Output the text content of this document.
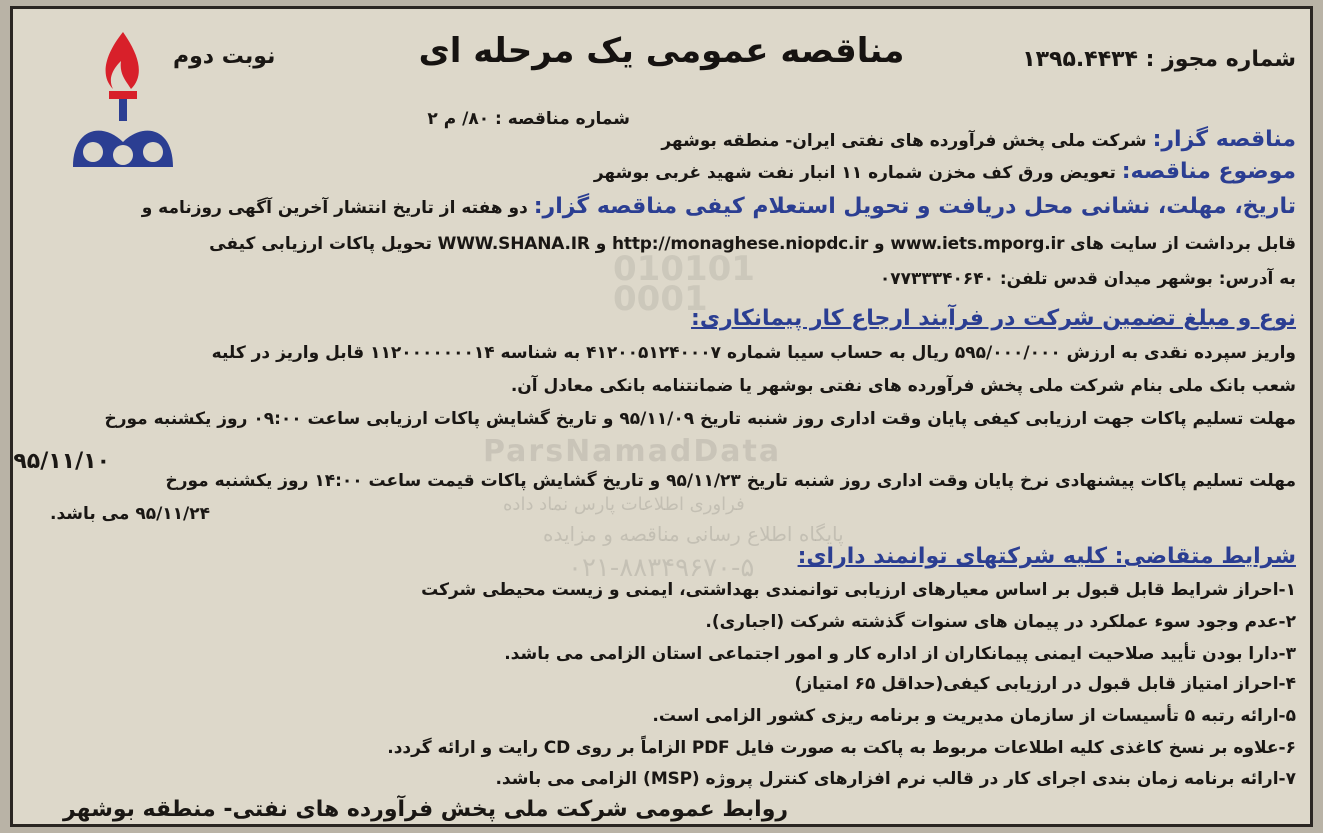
شماره مجوز : ۱۳۹۵.۴۴۳۴
مناقصه عمومی یک مرحله ای
نوبت دوم
شماره مناقصه : ۸۰/ م ۲
مناقصه گزار: شرکت ملی پخش فرآورده های نفتی ایران- منطقه بوشهر
موضوع مناقصه: تعویض ورق کف مخزن شماره ۱۱ انبار نفت شهید غربی بوشهر
تاریخ، مهلت، نشانی محل دریافت و تحویل استعلام کیفی مناقصه گزار: دو هفته از تاریخ انتشار آخرین آگهی روزنامه و
قابل برداشت از سایت های www.iets.mporg.ir و http://monaghese.niopdc.ir و WWW.SHANA.IR تحویل پاکات ارزیابی کیفی
به آدرس: بوشهر میدان قدس تلفن: ۰۷۷۳۳۳۴۰۶۴۰
نوع و مبلغ تضمین شرکت در فرآیند ارجاع کار پیمانکاری:
واریز سپرده نقدی به ارزش ۵۹۵/۰۰۰/۰۰۰ ریال به حساب سیبا شماره ۴۱۲۰۰۵۱۲۴۰۰۰۷ به شناسه ۱۱۲۰۰۰۰۰۰۰۱۴ قابل واریز در کلیه
شعب بانک ملی بنام شرکت ملی پخش فرآورده های نفتی بوشهر یا ضمانتنامه بانکی معادل آن.
مهلت تسلیم پاکات جهت ارزیابی کیفی پایان وقت اداری روز شنبه تاریخ ۹۵/۱۱/۰۹ و تاریخ گشایش پاکات ارزیابی ساعت ۰۹:۰۰ روز یکشنبه مورخ
۹۵/۱۱/۱۰
مهلت تسلیم پاکات پیشنهادی نرخ پایان وقت اداری روز شنبه تاریخ ۹۵/۱۱/۲۳ و تاریخ گشایش پاکات قیمت ساعت ۱۴:۰۰ روز یکشنبه مورخ
۹۵/۱۱/۲۴ می باشد.
010101
0001
ParsNamadData
فراوری اطلاعات پارس نماد داده
پایگاه اطلاع رسانی مناقصه و مزایده
۰۲۱-۸۸۳۴۹۶۷۰-۵ شرایط متقاضی: کلیه شرکتهای توانمند دارای:
۱-احراز شرایط قابل قبول بر اساس معیارهای ارزیابی توانمندی بهداشتی، ایمنی و زیست محیطی شرکت
۲-عدم وجود سوء عملکرد در پیمان های سنوات گذشته شرکت (اجباری).
۳-دارا بودن تأیید صلاحیت ایمنی پیمانکاران از اداره کار و امور اجتماعی استان الزامی می باشد.
۴-احراز امتیاز قابل قبول در ارزیابی کیفی(حداقل ۶۵ امتیاز)
۵-ارائه رتبه ۵ تأسیسات از سازمان مدیریت و برنامه ریزی کشور الزامی است.
۶-علاوه بر نسخ کاغذی کلیه اطلاعات مربوط به پاکت به صورت فایل PDF الزاماً بر روی CD رایت و ارائه گردد.
۷-ارائه برنامه زمان بندی اجرای کار در قالب نرم افزارهای کنترل پروژه (MSP) الزامی می باشد.
روابط عمومی شرکت ملی پخش فرآورده های نفتی- منطقه بوشهر
